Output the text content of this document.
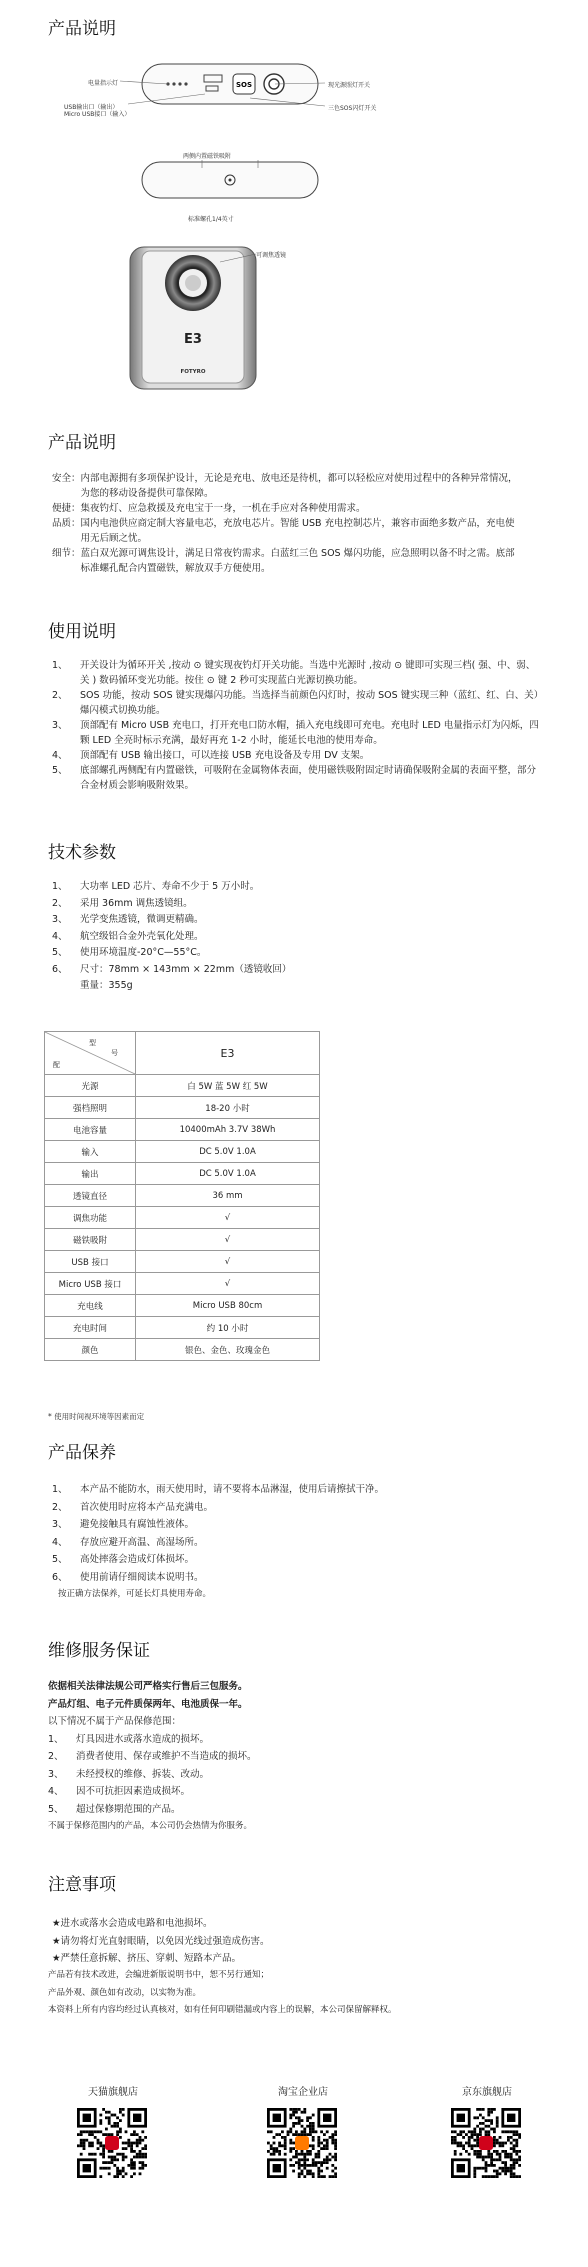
产品说明
SOS
电量指示灯
USB输出口（输出）
Micro USB接口（输入）
现光源照灯开关
三色SOS闪灯开关
两侧内置磁铁吸附
标准螺孔1/4英寸
E3
FOTYRO
可调焦透镜
产品说明
安全： 内部电源拥有多项保护设计，无论是充电、放电还是待机，都可以轻松应对使用过程中的各种异常情况，为您的移动设备提供可靠保障。
便捷： 集夜钓灯、应急救援及充电宝于一身，一机在手应对各种使用需求。
品质： 国内电池供应商定制大容量电芯，充放电芯片。智能 USB 充电控制芯片，兼容市面绝多数产品，充电使用无后顾之忧。
细节： 蓝白双光源可调焦设计，满足日常夜钓需求。白蓝红三色 SOS 爆闪功能，应急照明以备不时之需。底部标准螺孔配合内置磁铁，解放双手方便使用。
使用说明
1、	开关设计为循环开关 ,按动 ⊙ 键实现夜钓灯开关功能。当选中光源时 ,按动 ⊙ 键即可实现三档( 强、中、弱、关 ) 数码循环变光功能。按住 ⊙ 键 2 秒可实现蓝白光源切换功能。
2、	SOS 功能，按动 SOS 键实现爆闪功能。当选择当前颜色闪灯时，按动 SOS 键实现三种（蓝红、红、白、关）爆闪模式切换功能。
3、	顶部配有 Micro USB 充电口，打开充电口防水帽，插入充电线即可充电。充电时 LED 电量指示灯为闪烁，四颗 LED 全亮时标示充满，最好再充 1-2 小时，能延长电池的使用寿命。
4、	顶部配有 USB 输出接口，可以连接 USB 充电设备及专用 DV 支架。
5、	底部螺孔两侧配有内置磁铁，可吸附在金属物体表面，使用磁铁吸附固定时请确保吸附金属的表面平整，部分合金材质会影响吸附效果。
技术参数
1、 大功率 LED 芯片、寿命不少于 5 万小时。
2、 采用 36mm 调焦透镜组。
3、 光学变焦透镜，微调更精确。
4、 航空级铝合金外壳氧化处理。
5、 使用环境温度-20°C—55°C。
6、 尺寸：78mm × 143mm × 22mm（透镜收回）
重量：355g
型
号
配	E3
光源	白 5W 蓝 5W 红 5W
强档照明	18-20 小时
电池容量	10400mAh 3.7V 38Wh
输入	DC 5.0V 1.0A
输出	DC 5.0V 1.0A
透镜直径	36 mm
调焦功能	√
磁铁吸附	√
USB 接口	√
Micro USB 接口	√
充电线	Micro USB 80cm
充电时间	约 10 小时
颜色	银色、金色、玫瑰金色
* 使用时间视环境等因素而定
产品保养
1、 本产品不能防水，雨天使用时，请不要将本品淋湿，使用后请擦拭干净。
2、 首次使用时应将本产品充满电。
3、 避免接触具有腐蚀性液体。
4、 存放应避开高温、高湿场所。
5、 高处摔落会造成灯体损坏。
6、 使用前请仔细阅读本说明书。
按正确方法保养，可延长灯具使用寿命。
维修服务保证
依据相关法律法规公司严格实行售后三包服务。
产品灯组、电子元件质保两年、电池质保一年。
以下情况不属于产品保修范围：
1、 灯具因进水或落水造成的损坏。
2、 消费者使用、保存或维护不当造成的损坏。
3、 未经授权的维修、拆装、改动。
4、 因不可抗拒因素造成损坏。
5、 超过保修期范围的产品。
不属于保修范围内的产品，本公司仍会热情为你服务。
注意事项
★进水或落水会造成电路和电池损坏。
★请勿将灯光直射眼睛，以免因光线过强造成伤害。
★严禁任意拆解、挤压、穿刺、短路本产品。
产品若有技术改进，会编进新版说明书中，恕不另行通知；
产品外观、颜色如有改动，以实物为准。
本资料上所有内容均经过认真核对，如有任何印刷错漏或内容上的误解，本公司保留解释权。
天猫旗舰店	淘宝企业店	京东旗舰店
